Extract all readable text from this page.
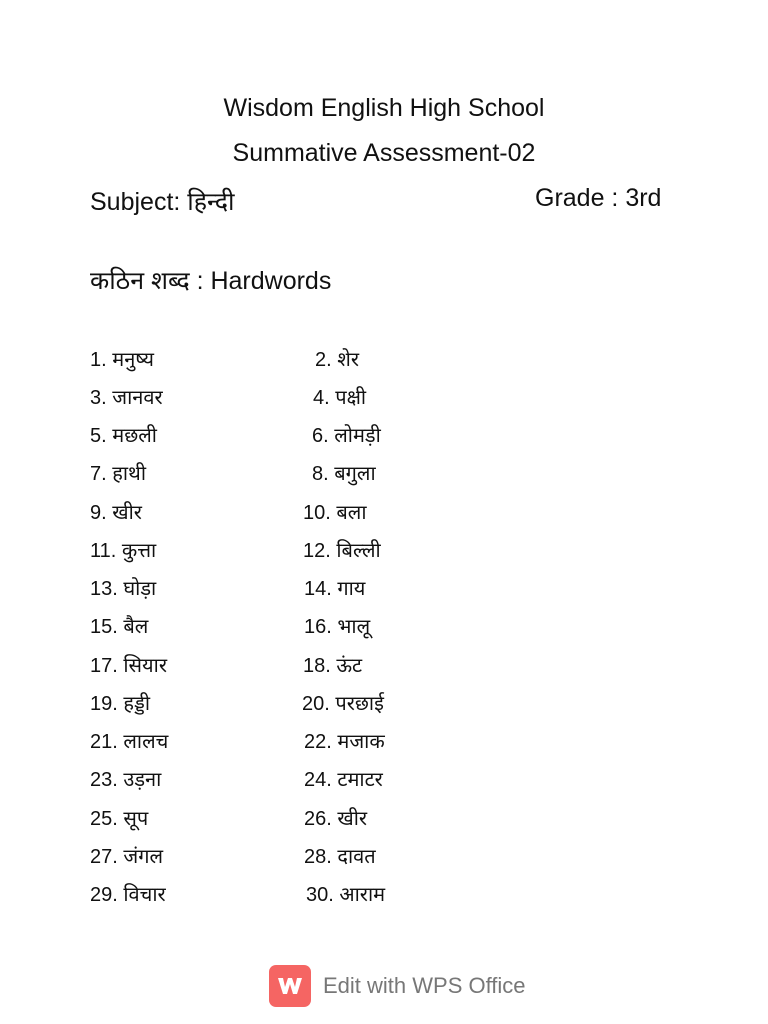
Wisdom English High School
Summative Assessment-02
Subject: हिन्दी	Grade : 3rd
कठिन शब्द : Hardwords
1. मनुष्य	2. शेर
3. जानवर	4. पक्षी
5. मछली	6. लोमड़ी
7. हाथी	8. बगुला
9. खीर	10. बला
11. कुत्ता	12. बिल्ली
13. घोड़ा	14. गाय
15. बैल	16. भालू
17. सियार	18. ऊंट
19. हड्डी	20. परछाई
21. लालच	22. मजाक
23. उड़ना	24. टमाटर
25. सूप	26. खीर
27. जंगल	28. दावत
29. विचार	30. आराम
Edit with WPS Office
